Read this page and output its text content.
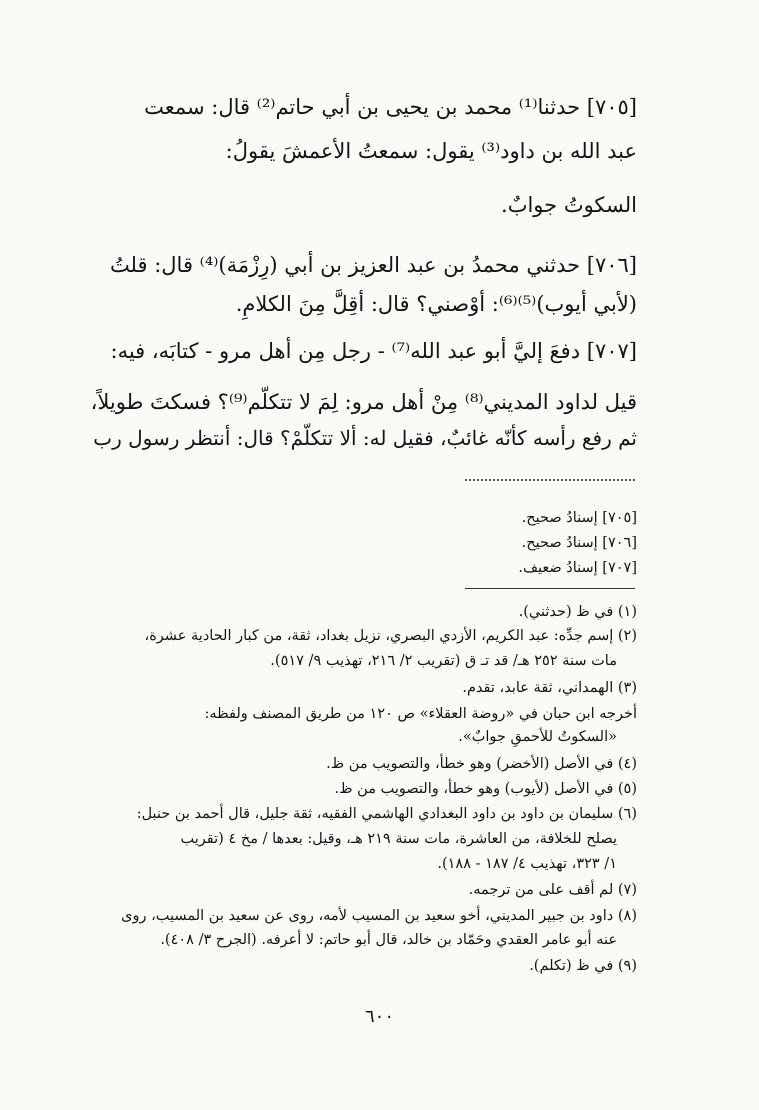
[٧٠٥] حدثنا⁽¹⁾ محمد بن يحيى بن أبي حاتم⁽²⁾ قال: سمعت

عبد الله بن داود⁽³⁾ يقول: سمعتُ الأعمشَ يقولُ:

السكوتُ جوابٌ.

[٧٠٦] حدثني محمدُ بن عبد العزيز بن أبي (رِزْمَة)⁽⁴⁾ قال: قلتُ

(لأبي أيوب)⁽⁵⁾⁽⁶⁾: أوْصني؟ قال: أقِلَّ مِنَ الكلامِ.

[٧٠٧] دفعَ إليَّ أبو عبد الله⁽⁷⁾ - رجل مِن أهل مرو - كتابَه، فيه:

قيل لداود المديني⁽⁸⁾ مِنْ أهل مرو: لِمَ لا تتكلّم⁽⁹⁾؟ فسكتَ طويلاً،

ثم رفع رأسه كأنّه غائبٌ، فقيل له: ألا تتكلّمْ؟ قال: أنتظر رسول رب

[٧٠٥] إسنادُ صحيح.

[٧٠٦] إسنادُ صحيح.

[٧٠٧] إسنادُ ضعيف.

(١) في ظ (حدثني).

(٢) إسم جدِّه: عبد الكريم، الأزدي البصري، نزيل بغداد، ثقة، من كبار الحادية عشرة،

مات سنة ٢٥٢ هـ/ قد تـ ق (تقريب ٢/ ٢١٦، تهذيب ٩/ ٥١٧).

(٣) الهمداني، ثقة عابد، تقدم.

أخرجه ابن حبان في «روضة العقلاء» ص ١٢٠ من طريق المصنف ولفظه:

«السكوتُ للأحمقِ جوابٌ».

(٤) في الأصل (الأخضر) وهو خطأ، والتصويب من ظ.

(٥) في الأصل (لأيوب) وهو خطأ، والتصويب من ظ.

(٦) سليمان بن داود بن داود البغدادي الهاشمي الفقيه، ثقة جليل، قال أحمد بن حنبل:

يصلح للخلافة، من العاشرة، مات سنة ٢١٩ هـ، وقيل: بعدها / مخ ٤ (تقريب

١/ ٣٢٣، تهذيب ٤/ ١٨٧ - ١٨٨).

(٧) لم أقف على من ترجمه.

(٨) داود بن جبير المديني، أخو سعيد بن المسيب لأمه، روى عن سعيد بن المسيب، روى

عنه أبو عامر العقدي وحَمّاد بن خالد، قال أبو حاتم: لا أعرفه. (الجرح ٣/ ٤٠٨).

(٩) في ظ (تكلم).

٦٠٠
